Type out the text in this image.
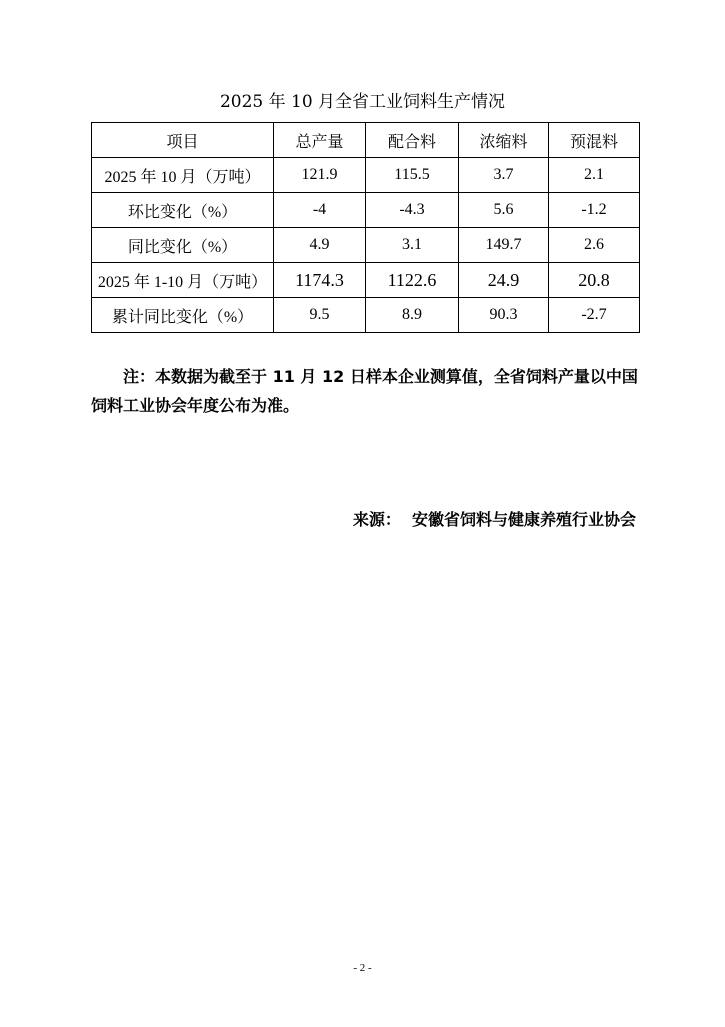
2025 年 10 月全省工业饲料生产情况
项目	总产量	配合料	浓缩料	预混料
2025 年 10 月（万吨）	121.9	115.5	3.7	2.1
环比变化（%）	-4	-4.3	5.6	-1.2
同比变化（%）	4.9	3.1	149.7	2.6
2025 年 1-10 月（万吨）	1174.3	1122.6	24.9	20.8
累计同比变化（%）	9.5	8.9	90.3	-2.7

注：本数据为截至于 11 月 12 日样本企业测算值，全省饲料产量以中国饲料工业协会年度公布为准。

来源：  安徽省饲料与健康养殖行业协会
- 2 -
